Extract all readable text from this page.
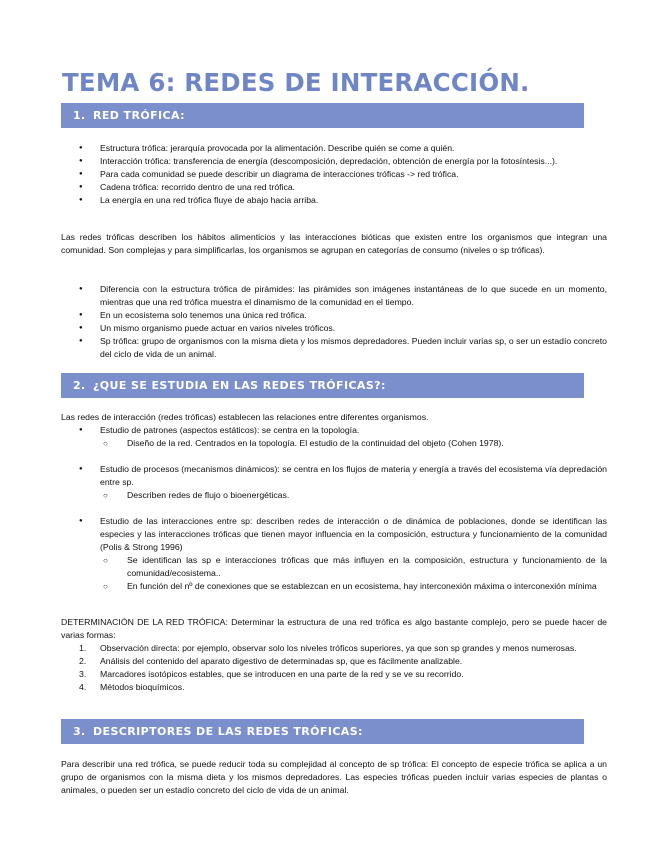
TEMA 6: REDES DE INTERACCIÓN.
1. RED TRÓFICA:
● Estructura trófica: jerarquía provocada por la alimentación. Describe quién se come a quién.
● Interacción trófica: transferencia de energía (descomposición, depredación, obtención de energía por la fotosíntesis...).
● Para cada comunidad se puede describir un diagrama de interacciones tróficas -> red trófica.
● Cadena trófica: recorrido dentro de una red trófica.
● La energía en una red trófica fluye de abajo hacia arriba.
Las redes tróficas describen los hábitos alimenticios y las interacciones bióticas que existen entre los organismos que integran una comunidad. Son complejas y para simplificarlas, los organismos se agrupan en categorías de consumo (niveles o sp tróficas).
● Diferencia con la estructura trófica de pirámides: las pirámides son imágenes instantáneas de lo que sucede en un momento, mientras que una red trófica muestra el dinamismo de la comunidad en el tiempo.
● En un ecosistema solo tenemos una única red trófica.
● Un mismo organismo puede actuar en varios niveles tróficos.
● Sp trófica: grupo de organismos con la misma dieta y los mismos depredadores. Pueden incluir varias sp, o ser un estadío concreto del ciclo de vida de un animal.
2. ¿QUE SE ESTUDIA EN LAS REDES TRÓFICAS?:
Las redes de interacción (redes tróficas) establecen las relaciones entre diferentes organismos.
● Estudio de patrones (aspectos estáticos): se centra en la topología.
○ Diseño de la red. Centrados en la topología. El estudio de la continuidad del objeto (Cohen 1978).
● Estudio de procesos (mecanismos dinámicos): se centra en los flujos de materia y energía a través del ecosistema vía depredación entre sp.
○ Describen redes de flujo o bioenergéticas.
● Estudio de las interacciones entre sp: describen redes de interacción o de dinámica de poblaciones, donde se identifican las especies y las interacciones tróficas que tienen mayor influencia en la composición, estructura y funcionamiento de la comunidad (Polis & Strong 1996)
○ Se identifican las sp e interacciones tróficas que más influyen en la composición, estructura y funcionamiento de la comunidad/ecosistema..
○ En función del nº de conexiones que se establezcan en un ecosistema, hay interconexión máxima o interconexión mínima
DETERMINACIÓN DE LA RED TRÓFICA: Determinar la estructura de una red trófica es algo bastante complejo, pero se puede hacer de varias formas:
1. Observación directa: por ejemplo, observar solo los niveles tróficos superiores, ya que son sp grandes y menos numerosas.
2. Análisis del contenido del aparato digestivo de determinadas sp, que es fácilmente analizable.
3. Marcadores isotópicos estables, que se introducen en una parte de la red y se ve su recorrido.
4. Métodos bioquímicos.
3. DESCRIPTORES DE LAS REDES TRÓFICAS:
Para describir una red trófica, se puede reducir toda su complejidad al concepto de sp trófica: El concepto de especie trófica se aplica a un grupo de organismos con la misma dieta y los mismos depredadores. Las especies tróficas pueden incluir varias especies de plantas o animales, o pueden ser un estadío concreto del ciclo de vida de un animal.
